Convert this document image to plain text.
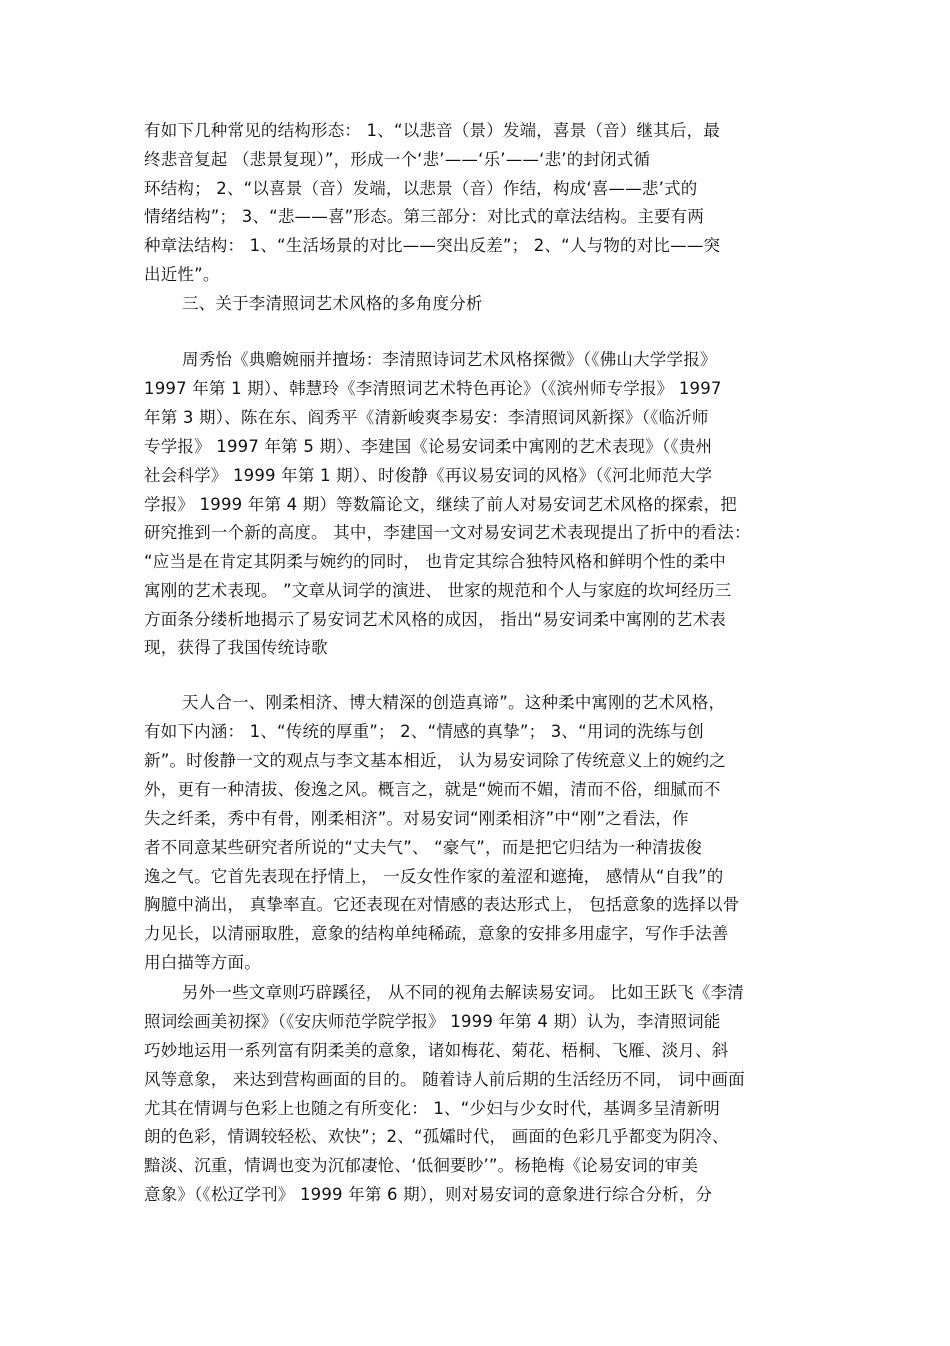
有如下几种常见的结构形态： 1、“以悲音（景）发端，喜景（音）继其后，最
终悲音复起 （悲景复现）”，形成一个‘悲’——‘乐’——‘悲’的封闭式循
环结构； 2、“以喜景（音）发端，以悲景（音）作结，构成‘喜——悲’式的
情绪结构”； 3、“悲——喜”形态。第三部分：对比式的章法结构。主要有两
种章法结构： 1、“生活场景的对比——突出反差”； 2、“人与物的对比——突
出近性”。
三、关于李清照词艺术风格的多角度分析
周秀怡《典赡婉丽并擅场：李清照诗词艺术风格探微》（《佛山大学学报》
1997 年第 1 期）、韩慧玲《李清照词艺术特色再论》（《滨州师专学报》 1997
年第 3 期）、陈在东、阎秀平《清新峻爽李易安：李清照词风新探》（《临沂师
专学报》 1997 年第 5 期）、李建国《论易安词柔中寓刚的艺术表现》（《贵州
社会科学》 1999 年第 1 期）、时俊静《再议易安词的风格》（《河北师范大学
学报》 1999 年第 4 期）等数篇论文，继续了前人对易安词艺术风格的探索，把
研究推到一个新的高度。 其中，李建国一文对易安词艺术表现提出了折中的看法：
“应当是在肯定其阴柔与婉约的同时， 也肯定其综合独特风格和鲜明个性的柔中
寓刚的艺术表现。 ”文章从词学的演进、 世家的规范和个人与家庭的坎坷经历三
方面条分缕析地揭示了易安词艺术风格的成因， 指出“易安词柔中寓刚的艺术表
现，获得了我国传统诗歌
天人合一、刚柔相济、博大精深的创造真谛”。这种柔中寓刚的艺术风格，
有如下内涵： 1、“传统的厚重”； 2、“情感的真挚”； 3、“用词的洗练与创
新”。时俊静一文的观点与李文基本相近， 认为易安词除了传统意义上的婉约之
外，更有一种清拔、俊逸之风。概言之，就是“婉而不媚，清而不俗，细腻而不
失之纤柔，秀中有骨，刚柔相济”。对易安词“刚柔相济”中“刚”之看法，作
者不同意某些研究者所说的“丈夫气”、 “豪气”，而是把它归结为一种清拔俊
逸之气。它首先表现在抒情上， 一反女性作家的羞涩和遮掩， 感情从“自我”的
胸臆中淌出， 真挚率直。它还表现在对情感的表达形式上， 包括意象的选择以骨
力见长，以清丽取胜，意象的结构单纯稀疏，意象的安排多用虚字，写作手法善
用白描等方面。
另外一些文章则巧辟蹊径， 从不同的视角去解读易安词。 比如王跃飞《李清
照词绘画美初探》（《安庆师范学院学报》 1999 年第 4 期）认为，李清照词能
巧妙地运用一系列富有阴柔美的意象，诸如梅花、菊花、梧桐、飞雁、淡月、斜
风等意象， 来达到营构画面的目的。 随着诗人前后期的生活经历不同， 词中画面
尤其在情调与色彩上也随之有所变化： 1、“少妇与少女时代，基调多呈清新明
朗的色彩，情调较轻松、欢快”；2、“孤孀时代， 画面的色彩几乎都变为阴冷、
黯淡、沉重，情调也变为沉郁凄怆、‘低徊要眇’”。杨艳梅《论易安词的审美
意象》（《松辽学刊》 1999 年第 6 期），则对易安词的意象进行综合分析，分
